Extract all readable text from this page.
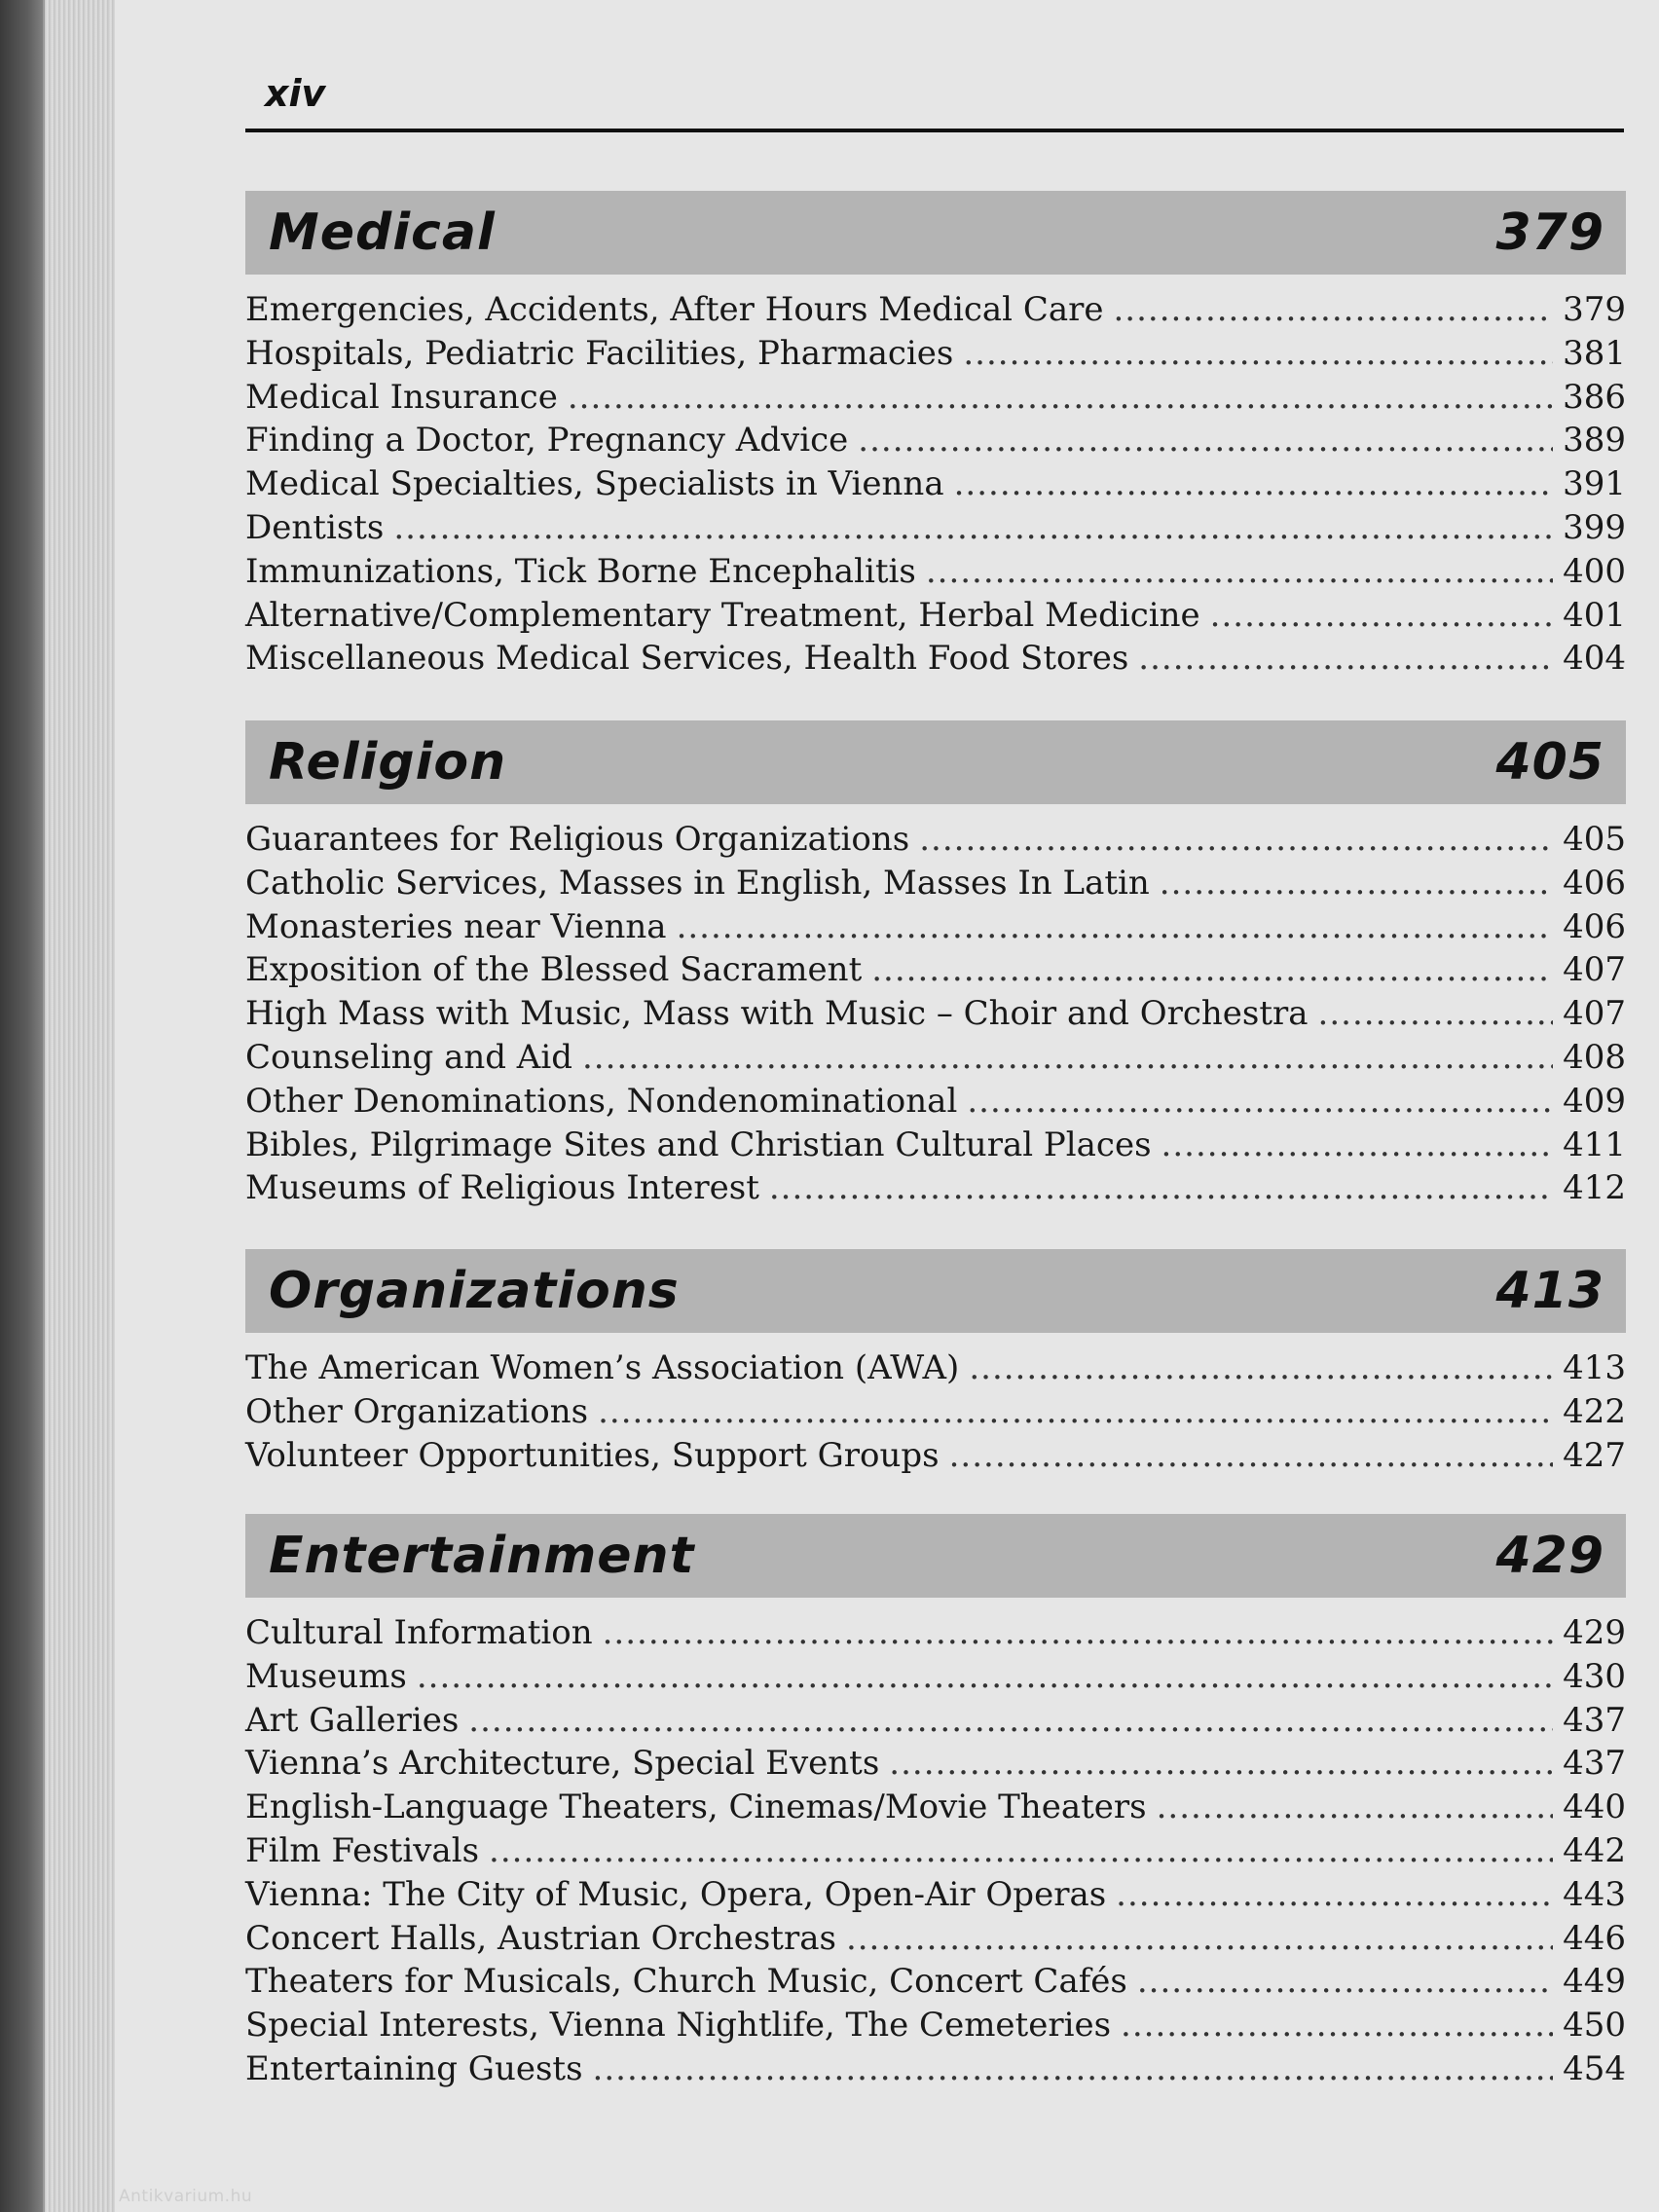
Antikvarium.hu
xiv
Medical	379
Emergencies, Accidents, After Hours Medical Care .....	379
Hospitals, Pediatric Facilities, Pharmacies .....	381
Medical Insurance .....	386
Finding a Doctor, Pregnancy Advice .....	389
Medical Specialties, Specialists in Vienna .....	391
Dentists .....	399
Immunizations, Tick Borne Encephalitis .....	400
Alternative/Complementary Treatment, Herbal Medicine .....	401
Miscellaneous Medical Services, Health Food Stores .....	404
Religion	405
Guarantees for Religious Organizations .....	405
Catholic Services, Masses in English, Masses In Latin .....	406
Monasteries near Vienna .....	406
Exposition of the Blessed Sacrament .....	407
High Mass with Music, Mass with Music – Choir and Orchestra .....	407
Counseling and Aid .....	408
Other Denominations, Nondenominational .....	409
Bibles, Pilgrimage Sites and Christian Cultural Places .....	411
Museums of Religious Interest .....	412
Organizations	413
The American Women’s Association (AWA) .....	413
Other Organizations .....	422
Volunteer Opportunities, Support Groups .....	427
Entertainment	429
Cultural Information .....	429
Museums .....	430
Art Galleries .....	437
Vienna’s Architecture, Special Events .....	437
English-Language Theaters, Cinemas/Movie Theaters .....	440
Film Festivals .....	442
Vienna: The City of Music, Opera, Open-Air Operas .....	443
Concert Halls, Austrian Orchestras .....	446
Theaters for Musicals, Church Music, Concert Cafés .....	449
Special Interests, Vienna Nightlife, The Cemeteries .....	450
Entertaining Guests .....	454
